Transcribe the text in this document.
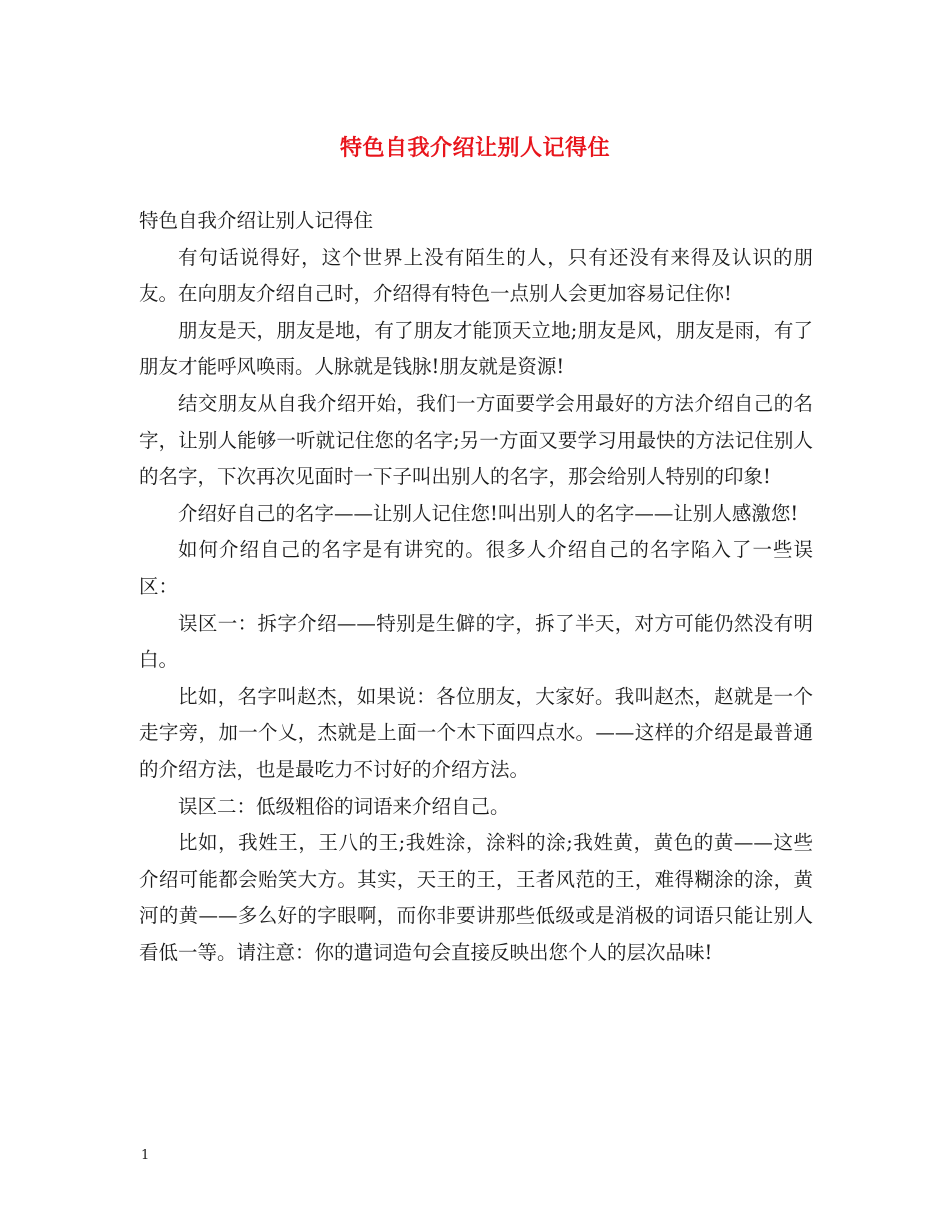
特色自我介绍让别人记得住

特色自我介绍让别人记得住

有句话说得好，这个世界上没有陌生的人，只有还没有来得及认识的朋友。在向朋友介绍自己时，介绍得有特色一点别人会更加容易记住你!

朋友是天，朋友是地，有了朋友才能顶天立地;朋友是风，朋友是雨，有了朋友才能呼风唤雨。人脉就是钱脉!朋友就是资源!

结交朋友从自我介绍开始，我们一方面要学会用最好的方法介绍自己的名字，让别人能够一听就记住您的名字;另一方面又要学习用最快的方法记住别人的名字，下次再次见面时一下子叫出别人的名字，那会给别人特别的印象!

介绍好自己的名字——让别人记住您!叫出别人的名字——让别人感激您!

如何介绍自己的名字是有讲究的。很多人介绍自己的名字陷入了一些误区：

误区一：拆字介绍——特别是生僻的字，拆了半天，对方可能仍然没有明白。

比如，名字叫赵杰，如果说：各位朋友，大家好。我叫赵杰，赵就是一个走字旁，加一个乂，杰就是上面一个木下面四点水。——这样的介绍是最普通的介绍方法，也是最吃力不讨好的介绍方法。

误区二：低级粗俗的词语来介绍自己。

比如，我姓王，王八的王;我姓涂，涂料的涂;我姓黄，黄色的黄——这些介绍可能都会贻笑大方。其实，天王的王，王者风范的王，难得糊涂的涂，黄河的黄——多么好的字眼啊，而你非要讲那些低级或是消极的词语只能让别人看低一等。请注意：你的遣词造句会直接反映出您个人的层次品味!

1
